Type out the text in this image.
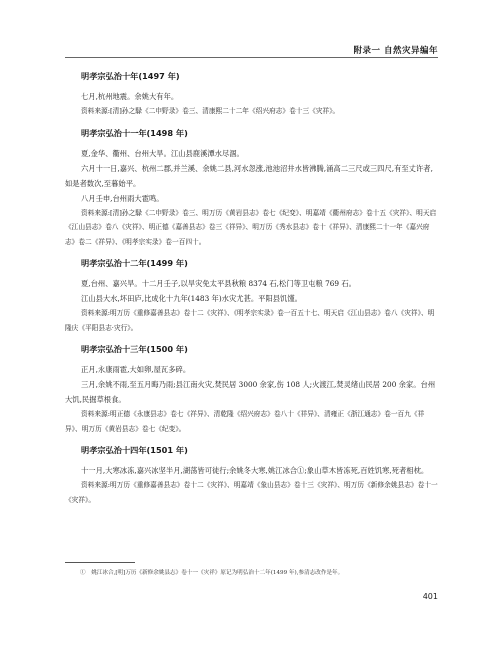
附录一 自然灾异编年
明孝宗弘治十年(1497 年)

七月,杭州地震。余姚大有年。

资料来源:[清]孙之騄《二申野录》卷三、清康熙二十二年《绍兴府志》卷十三《灾祥》。

明孝宗弘治十一年(1498 年)

夏,金华、衢州、台州大旱。江山县鹿溪潭水尽涸。

六月十一日,嘉兴、杭州二郡,并兰溪、余姚二县,河水忽涨,池池沼井水皆沸腾,涌高二三尺或三四尺,有至丈许者,如是者数次,至暮始平。

八月壬申,台州雨大雹鸣。

资料来源:[清]孙之騄《二申野录》卷三、明万历《黄岩县志》卷七《纪变》、明嘉靖《衢州府志》卷十五《灾祥》、明天启《江山县志》卷八《灾祥》、明正德《嘉善县志》卷三《祥异》、明万历《秀水县志》卷十《祥异》、清康熙二十一年《嘉兴府志》卷二《祥异》、《明孝宗实录》卷一百四十。

明孝宗弘治十二年(1499 年)

夏,台州、嘉兴旱。十二月壬子,以旱灾免太平县秋粮 8374 石,松门等卫屯粮 769 石。

江山县大水,坏田庐,比成化十九年(1483 年)水灾尤甚。平阳县饥馑。

资料来源:明万历《重修嘉善县志》卷十二《灾祥》、《明孝宗实录》卷一百五十七、明天启《江山县志》卷八《灾祥》、明隆庆《平阳县志·灾行》。

明孝宗弘治十三年(1500 年)

正月,永康雨雹,大如卵,屋瓦多碎。

三月,余姚不雨,至五月晦乃雨;县江南火灾,焚民居 3000 余家,伤 108 人;火渡江,焚灵绪山民居 200 余家。台州大饥,民掘草根食。

资料来源:明正德《永康县志》卷七《祥异》、清乾隆《绍兴府志》卷八十《祥异》、清雍正《浙江通志》卷一百九《祥异》、明万历《黄岩县志》卷七《纪变》。

明孝宗弘治十四年(1501 年)

十一月,大寒冰冻,嘉兴冰坚半月,湖荡皆可徒行;余姚冬大寒,姚江冰合①;象山草木皆冻死,百姓饥寒,死者相枕。

资料来源:明万历《重修嘉善县志》卷十二《灾祥》、明嘉靖《象山县志》卷十三《灾祥》、明万历《新修余姚县志》卷十一《灾祥》。

①　姚江冰合,[明]万历《新修余姚县志》卷十一《灾祥》原记为明弘治十二年(1499 年),参清志改作是年。
401
